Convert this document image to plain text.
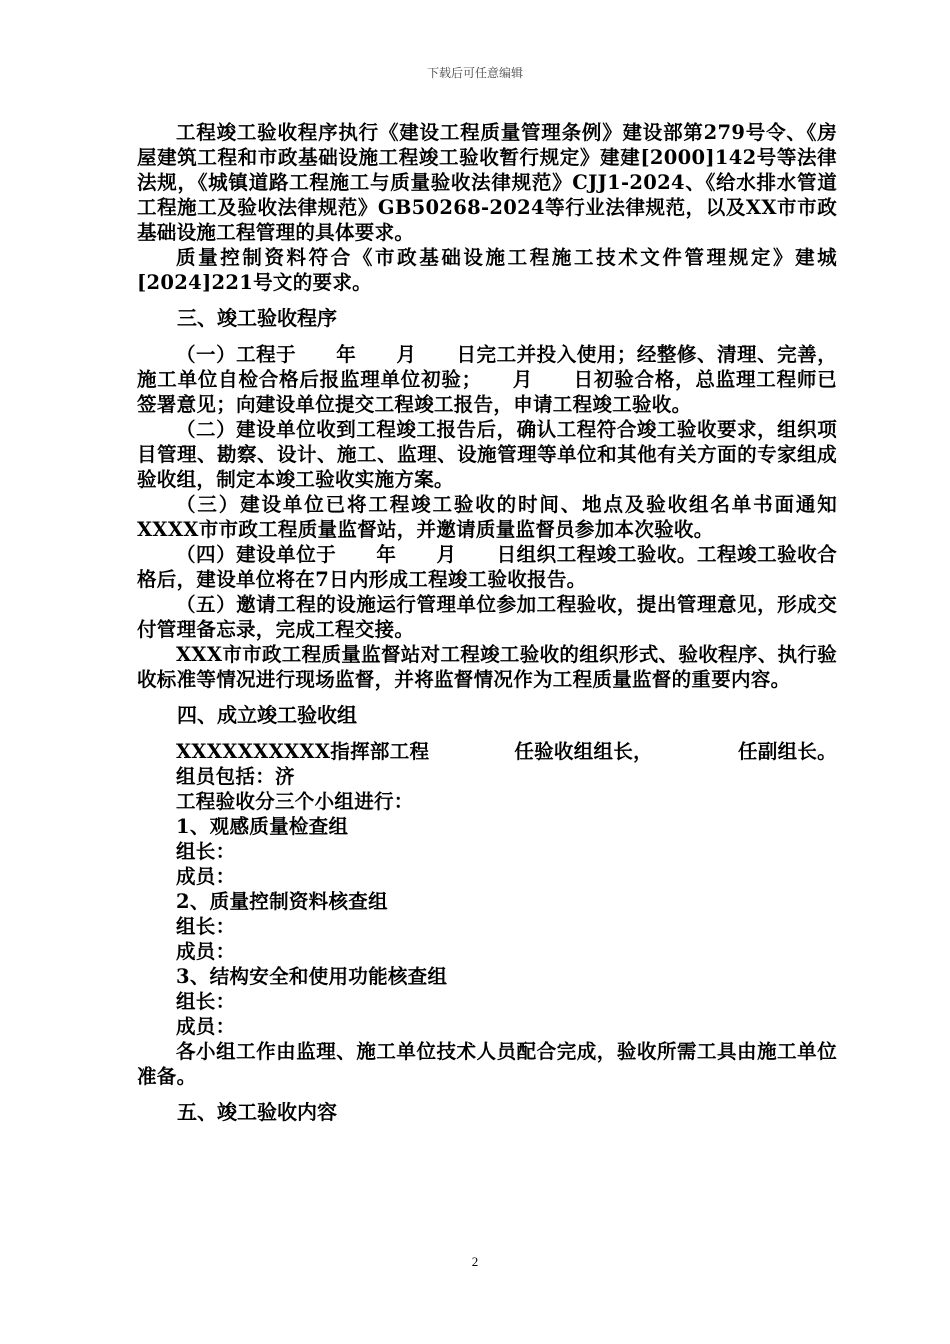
下载后可任意编辑

工程竣工验收程序执行《建设工程质量管理条例》建设部第279号令、《房屋建筑工程和市政基础设施工程竣工验收暂行规定》建建[2000]142号等法律法规，《城镇道路工程施工与质量验收法律规范》CJJ1-2024、《给水排水管道工程施工及验收法律规范》GB50268-2024等行业法律规范，以及XX市市政基础设施工程管理的具体要求。

质量控制资料符合《市政基础设施工程施工技术文件管理规定》建城[2024]221号文的要求。

三、竣工验收程序

（一）工程于　　年　　月　　日完工并投入使用；经整修、清理、完善，施工单位自检合格后报监理单位初验；　　月　　日初验合格，总监理工程师已签署意见；向建设单位提交工程竣工报告，申请工程竣工验收。

（二）建设单位收到工程竣工报告后，确认工程符合竣工验收要求，组织项目管理、勘察、设计、施工、监理、设施管理等单位和其他有关方面的专家组成验收组，制定本竣工验收实施方案。

（三）建设单位已将工程竣工验收的时间、地点及验收组名单书面通知XXXX市市政工程质量监督站，并邀请质量监督员参加本次验收。

（四）建设单位于　　年　　月　　日组织工程竣工验收。工程竣工验收合格后，建设单位将在7日内形成工程竣工验收报告。

（五）邀请工程的设施运行管理单位参加工程验收，提出管理意见，形成交付管理备忘录，完成工程交接。

XXX市市政工程质量监督站对工程竣工验收的组织形式、验收程序、执行验收标准等情况进行现场监督，并将监督情况作为工程质量监督的重要内容。

四、成立竣工验收组
XXXXXXXXXX指挥部工程	任验收组组长，	任副组长。

组员包括：济

工程验收分三个小组进行：

1、观感质量检查组

组长：

成员：

2、质量控制资料核查组

组长：

成员：

3、结构安全和使用功能核查组

组长：

成员：

各小组工作由监理、施工单位技术人员配合完成，验收所需工具由施工单位准备。

五、竣工验收内容
2
